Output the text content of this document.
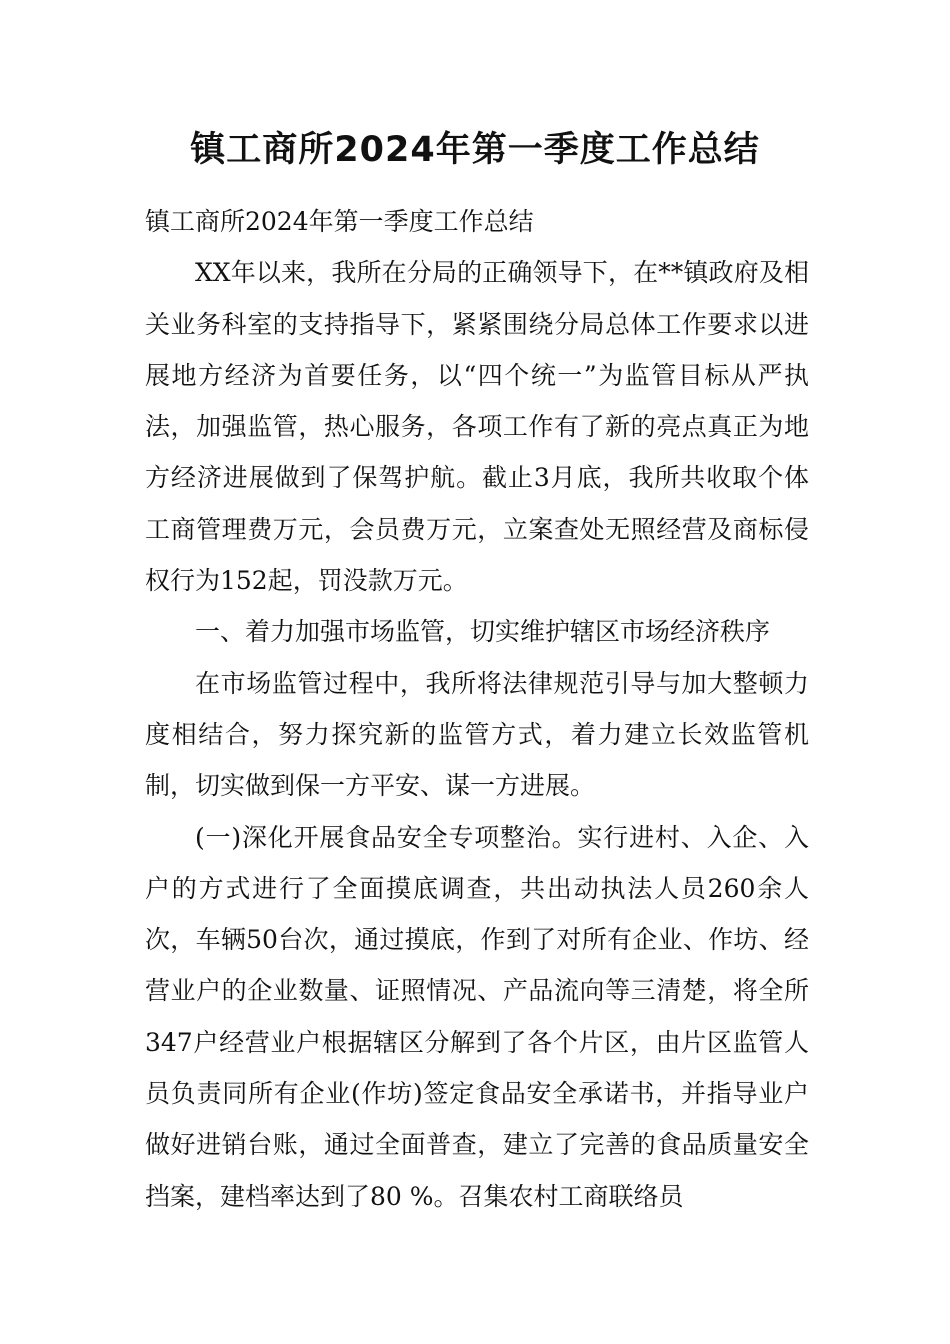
镇工商所2024年第一季度工作总结

镇工商所2024年第一季度工作总结

XX年以来，我所在分局的正确领导下，在**镇政府及相关业务科室的支持指导下，紧紧围绕分局总体工作要求以进展地方经济为首要任务，以“四个统一”为监管目标从严执法，加强监管，热心服务，各项工作有了新的亮点真正为地方经济进展做到了保驾护航。截止3月底，我所共收取个体工商管理费万元，会员费万元，立案查处无照经营及商标侵权行为152起，罚没款万元。

一、着力加强市场监管，切实维护辖区市场经济秩序

在市场监管过程中，我所将法律规范引导与加大整顿力度相结合，努力探究新的监管方式，着力建立长效监管机制，切实做到保一方平安、谋一方进展。

(一)深化开展食品安全专项整治。实行进村、入企、入户的方式进行了全面摸底调查，共出动执法人员260余人次，车辆50台次，通过摸底，作到了对所有企业、作坊、经营业户的企业数量、证照情况、产品流向等三清楚，将全所347户经营业户根据辖区分解到了各个片区，由片区监管人员负责同所有企业(作坊)签定食品安全承诺书，并指导业户做好进销台账，通过全面普查，建立了完善的食品质量安全挡案，建档率达到了80 %。召集农村工商联络员
